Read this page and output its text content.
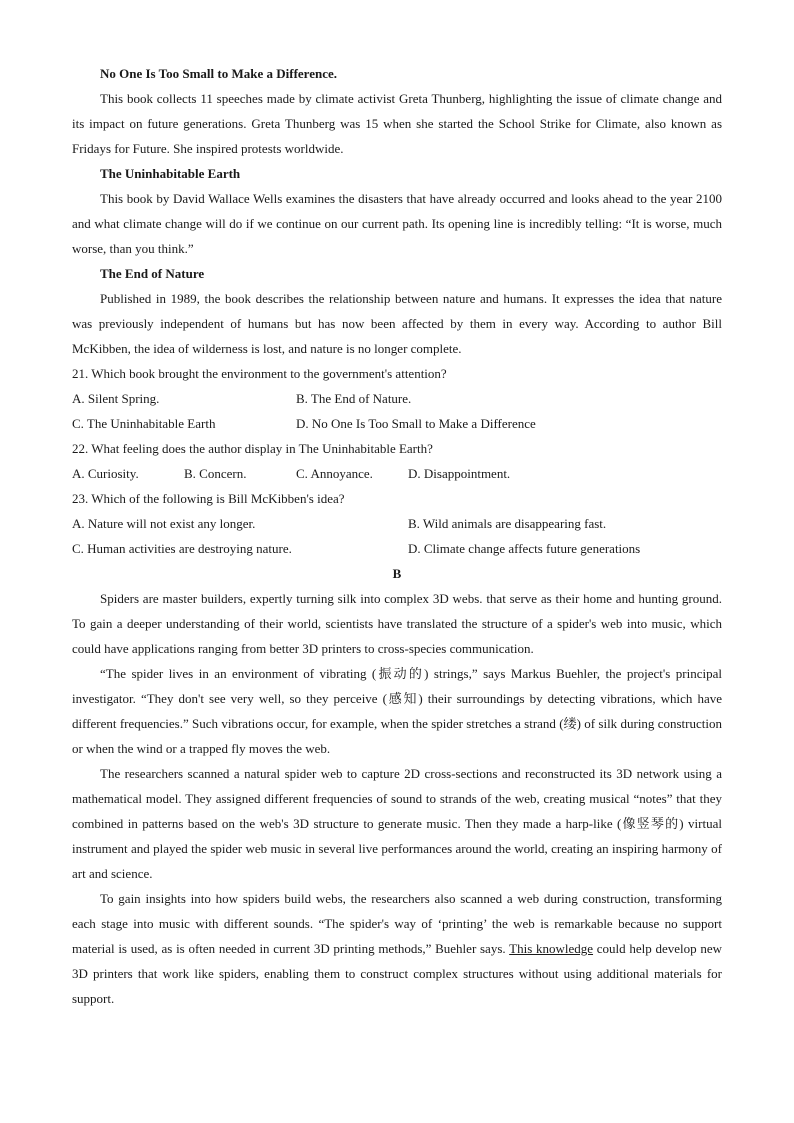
No One Is Too Small to Make a Difference.

This book collects 11 speeches made by climate activist Greta Thunberg, highlighting the issue of climate change and its impact on future generations. Greta Thunberg was 15 when she started the School Strike for Climate, also known as Fridays for Future. She inspired protests worldwide.

The Uninhabitable Earth

This book by David Wallace Wells examines the disasters that have already occurred and looks ahead to the year 2100 and what climate change will do if we continue on our current path. Its opening line is incredibly telling: “It is worse, much worse, than you think.”

The End of Nature

Published in 1989, the book describes the relationship between nature and humans. It expresses the idea that nature was previously independent of humans but has now been affected by them in every way. According to author Bill McKibben, the idea of wilderness is lost, and nature is no longer complete.

21. Which book brought the environment to the government's attention?
A. Silent Spring.	B. The End of Nature.
C. The Uninhabitable Earth	D. No One Is Too Small to Make a Difference
22. What feeling does the author display in The Uninhabitable Earth?
A. Curiosity.	B. Concern.	C. Annoyance.	D. Disappointment.
23. Which of the following is Bill McKibben's idea?
A. Nature will not exist any longer.	B. Wild animals are disappearing fast.
C. Human activities are destroying nature.	D. Climate change affects future generations
B

Spiders are master builders, expertly turning silk into complex 3D webs. that serve as their home and hunting ground. To gain a deeper understanding of their world, scientists have translated the structure of a spider's web into music, which could have applications ranging from better 3D printers to cross-species communication.

“The spider lives in an environment of vibrating (振动的) strings,” says Markus Buehler, the project's principal investigator. “They don't see very well, so they perceive (感知) their surroundings by detecting vibrations, which have different frequencies.” Such vibrations occur, for example, when the spider stretches a strand (缕) of silk during construction or when the wind or a trapped fly moves the web.

The researchers scanned a natural spider web to capture 2D cross-sections and reconstructed its 3D network using a mathematical model. They assigned different frequencies of sound to strands of the web, creating musical “notes” that they combined in patterns based on the web's 3D structure to generate music. Then they made a harp-like (像竖琴的) virtual instrument and played the spider web music in several live performances around the world, creating an inspiring harmony of art and science.

To gain insights into how spiders build webs, the researchers also scanned a web during construction, transforming each stage into music with different sounds. “The spider's way of ‘printing’ the web is remarkable because no support material is used, as is often needed in current 3D printing methods,” Buehler says. This knowledge could help develop new 3D printers that work like spiders, enabling them to construct complex structures without using additional materials for support.
